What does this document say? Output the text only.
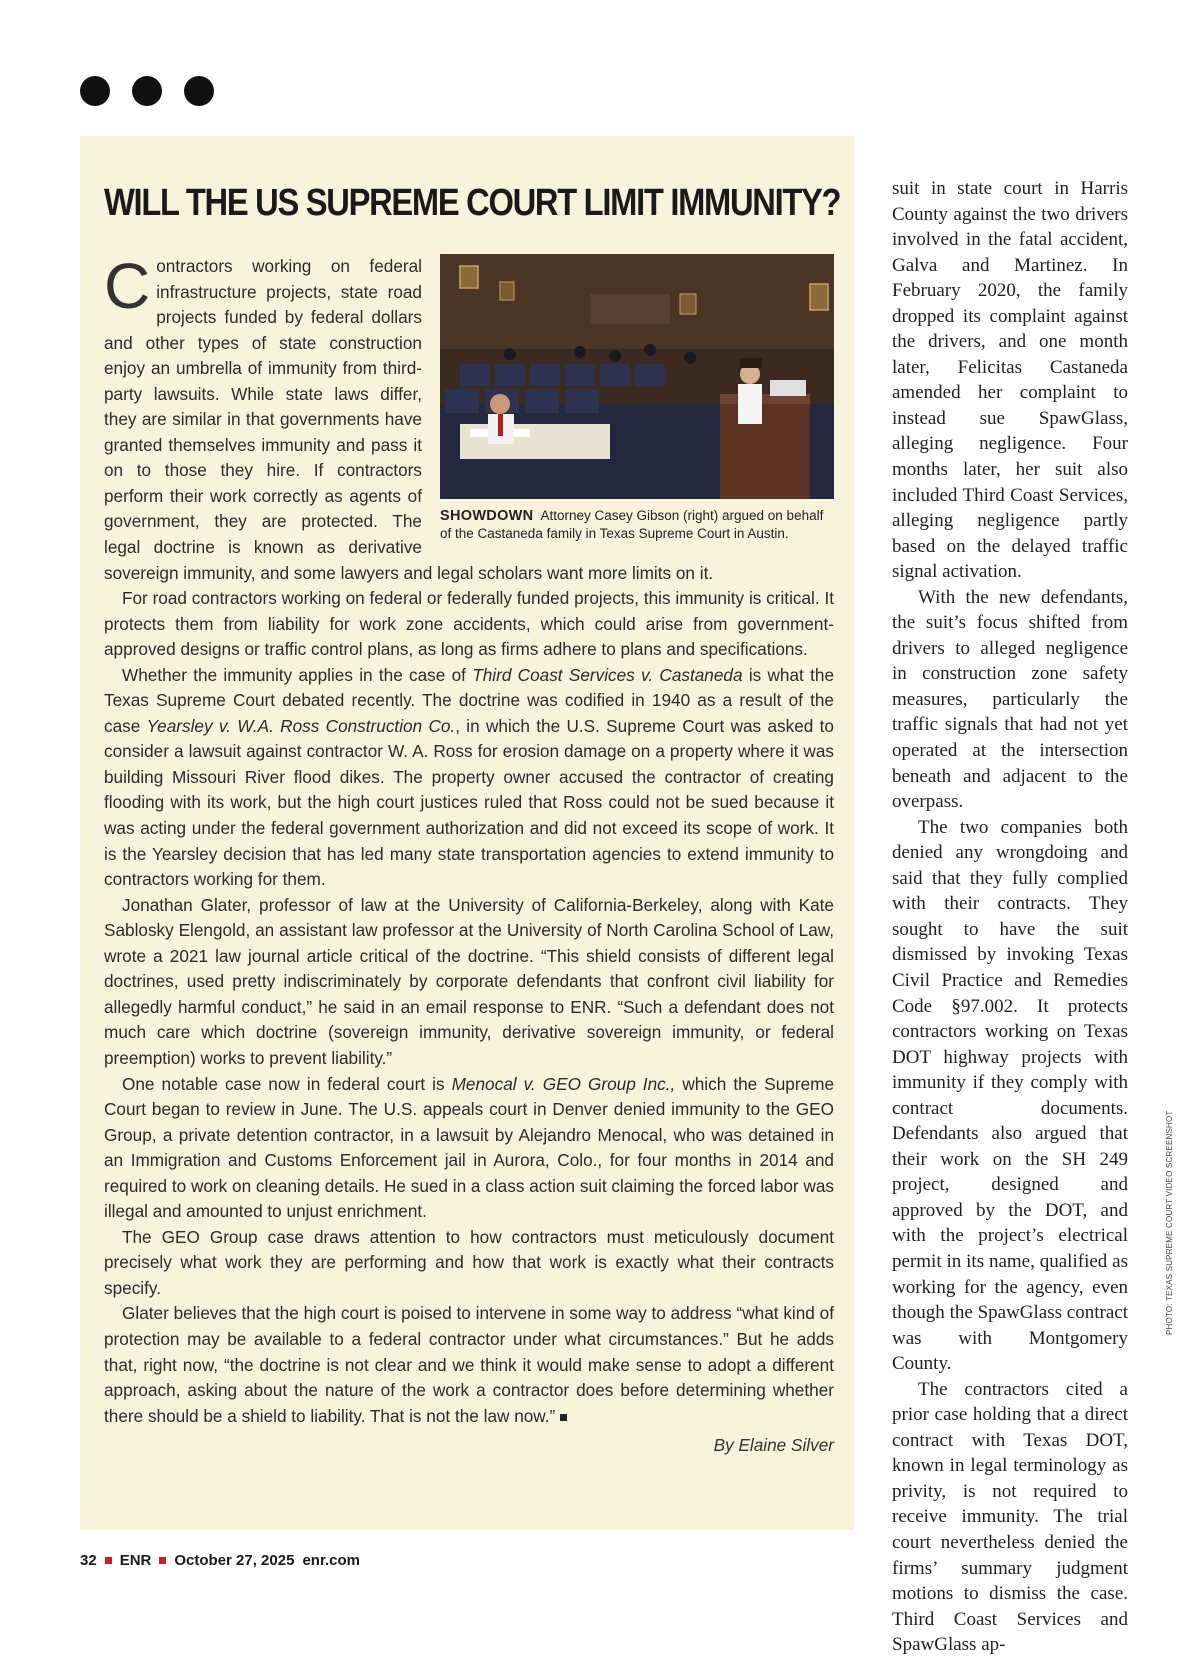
WILL THE US SUPREME COURT LIMIT IMMUNITY?
SHOWDOWN Attorney Casey Gibson (right) argued on behalf of the Castaneda family in Texas Supreme Court in Austin.

Contractors working on federal infrastructure projects, state road projects funded by federal dollars and other types of state construction enjoy an umbrella of immunity from third-party lawsuits. While state laws differ, they are similar in that governments have granted themselves immunity and pass it on to those they hire. If contractors perform their work correctly as agents of government, they are protected. The legal doctrine is known as derivative sovereign immunity, and some lawyers and legal scholars want more limits on it.

For road contractors working on federal or federally funded projects, this immunity is critical. It protects them from liability for work zone accidents, which could arise from government-approved designs or traffic control plans, as long as firms adhere to plans and specifications.

Whether the immunity applies in the case of Third Coast Services v. Castaneda is what the Texas Supreme Court debated recently. The doctrine was codified in 1940 as a result of the case Yearsley v. W.A. Ross Construction Co., in which the U.S. Supreme Court was asked to consider a lawsuit against contractor W. A. Ross for erosion damage on a property where it was building Missouri River flood dikes. The property owner accused the contractor of creating flooding with its work, but the high court justices ruled that Ross could not be sued because it was acting under the federal government authorization and did not exceed its scope of work. It is the Yearsley decision that has led many state transportation agencies to extend immunity to contractors working for them.

Jonathan Glater, professor of law at the University of California-Berkeley, along with Kate Sablosky Elengold, an assistant law professor at the University of North Carolina School of Law, wrote a 2021 law journal article critical of the doctrine. “This shield consists of different legal doctrines, used pretty indiscriminately by corporate defendants that confront civil liability for allegedly harmful conduct,” he said in an email response to ENR. “Such a defendant does not much care which doctrine (sovereign immunity, derivative sovereign immunity, or federal preemption) works to prevent liability.”

One notable case now in federal court is Menocal v. GEO Group Inc., which the Supreme Court began to review in June. The U.S. appeals court in Denver denied immunity to the GEO Group, a private detention contractor, in a lawsuit by Alejandro Menocal, who was detained in an Immigration and Customs Enforcement jail in Aurora, Colo., for four months in 2014 and required to work on cleaning details. He sued in a class action suit claiming the forced labor was illegal and amounted to unjust enrichment.

The GEO Group case draws attention to how contractors must meticulously document precisely what work they are performing and how that work is exactly what their contracts specify.

Glater believes that the high court is poised to intervene in some way to address “what kind of protection may be available to a federal contractor under what circumstances.” But he adds that, right now, “the doctrine is not clear and we think it would make sense to adopt a different approach, asking about the nature of the work a contractor does before determining whether there should be a shield to liability. That is not the law now.”

By Elaine Silver

suit in state court in Harris County against the two drivers involved in the fatal accident, Galva and Martinez. In February 2020, the family dropped its complaint against the drivers, and one month later, Felicitas Castaneda amended her complaint to instead sue SpawGlass, alleging negligence. Four months later, her suit also included Third Coast Services, alleging negligence partly based on the delayed traffic signal activation.

With the new defendants, the suit’s focus shifted from drivers to alleged negligence in construction zone safety measures, particularly the traffic signals that had not yet operated at the intersection beneath and adjacent to the overpass.

The two companies both denied any wrongdoing and said that they fully complied with their contracts. They sought to have the suit dismissed by invoking Texas Civil Practice and Remedies Code §97.002. It protects contractors working on Texas DOT highway projects with immunity if they comply with contract documents. Defendants also argued that their work on the SH 249 project, designed and approved by the DOT, and with the project’s electrical permit in its name, qualified as working for the agency, even though the SpawGlass contract was with Montgomery County.

The contractors cited a prior case holding that a direct contract with Texas DOT, known in legal terminology as privity, is not required to receive immunity. The trial court nevertheless denied the firms’ summary judgment motions to dismiss the case. Third Coast Services and SpawGlass ap-

PHOTO: TEXAS SUPREME COURT VIDEO SCREENSHOT
32 ENR October 27, 2025 enr.com
